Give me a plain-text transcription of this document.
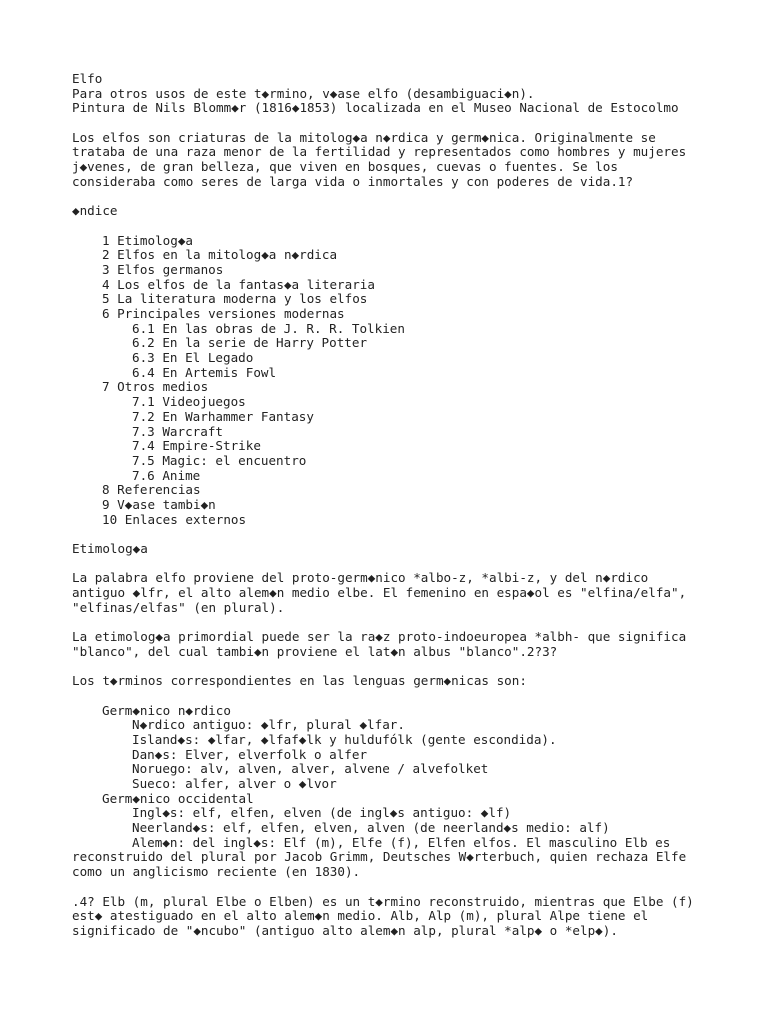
Elfo
Para otros usos de este t◆rmino, v◆ase elfo (desambiguaci◆n).
Pintura de Nils Blomm◆r (1816◆1853) localizada en el Museo Nacional de Estocolmo
Los elfos son criaturas de la mitolog◆a n◆rdica y germ◆nica. Originalmente se
trataba de una raza menor de la fertilidad y representados como hombres y mujeres
j◆venes, de gran belleza, que viven en bosques, cuevas o fuentes. Se los
consideraba como seres de larga vida o inmortales y con poderes de vida.1?
◆ndice
1 Etimolog◆a
2 Elfos en la mitolog◆a n◆rdica
3 Elfos germanos
4 Los elfos de la fantas◆a literaria
5 La literatura moderna y los elfos
6 Principales versiones modernas
6.1 En las obras de J. R. R. Tolkien
6.2 En la serie de Harry Potter
6.3 En El Legado
6.4 En Artemis Fowl
7 Otros medios
7.1 Videojuegos
7.2 En Warhammer Fantasy
7.3 Warcraft
7.4 Empire-Strike
7.5 Magic: el encuentro
7.6 Anime
8 Referencias
9 V◆ase tambi◆n
10 Enlaces externos
Etimolog◆a
La palabra elfo proviene del proto-germ◆nico *albo-z, *albi-z, y del n◆rdico
antiguo ◆lfr, el alto alem◆n medio elbe. El femenino en espa◆ol es "elfina/elfa",
"elfinas/elfas" (en plural).
La etimolog◆a primordial puede ser la ra◆z proto-indoeuropea *albh- que significa
"blanco", del cual tambi◆n proviene el lat◆n albus "blanco".2?3?
Los t◆rminos correspondientes en las lenguas germ◆nicas son:
Germ◆nico n◆rdico
N◆rdico antiguo: ◆lfr, plural ◆lfar.
Island◆s: ◆lfar, ◆lfaf◆lk y huldufólk (gente escondida).
Dan◆s: Elver, elverfolk o alfer
Noruego: alv, alven, alver, alvene / alvefolket
Sueco: alfer, alver o ◆lvor
Germ◆nico occidental
Ingl◆s: elf, elfen, elven (de ingl◆s antiguo: ◆lf)
Neerland◆s: elf, elfen, elven, alven (de neerland◆s medio: alf)
Alem◆n: del ingl◆s: Elf (m), Elfe (f), Elfen elfos. El masculino Elb es
reconstruido del plural por Jacob Grimm, Deutsches W◆rterbuch, quien rechaza Elfe
como un anglicismo reciente (en 1830).
.4? Elb (m, plural Elbe o Elben) es un t◆rmino reconstruido, mientras que Elbe (f)
est◆ atestiguado en el alto alem◆n medio. Alb, Alp (m), plural Alpe tiene el
significado de "◆ncubo" (antiguo alto alem◆n alp, plural *alp◆ o *elp◆).
